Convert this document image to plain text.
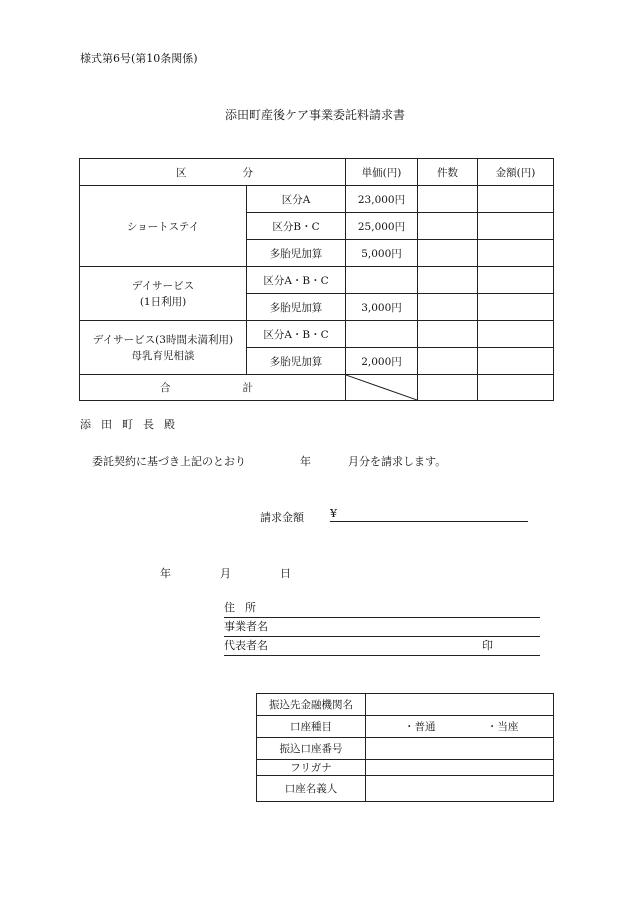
様式第6号(第10条関係)
添田町産後ケア事業委託料請求書
区 分		単価(円)	件数	金額(円)
ショートステイ	区分A	23,000円		
	区分B・C	25,000円		
	多胎児加算	5,000円		

デイサービス
(1日利用)	区分A・B・C			
	多胎児加算	3,000円		

デイサービス(3時間未満利用)
母乳育児相談	区分A・B・C			
	多胎児加算	2,000円		

合 計

添田町長殿
委託契約に基づき上記のとおり	年	月分を請求します。
請求金額 ¥
年	月	日
住所
事業者名
代表者名	印
振込先金融機関名	
口座種目	・普通 ・当座
振込口座番号	
フリガナ	
口座名義人	
